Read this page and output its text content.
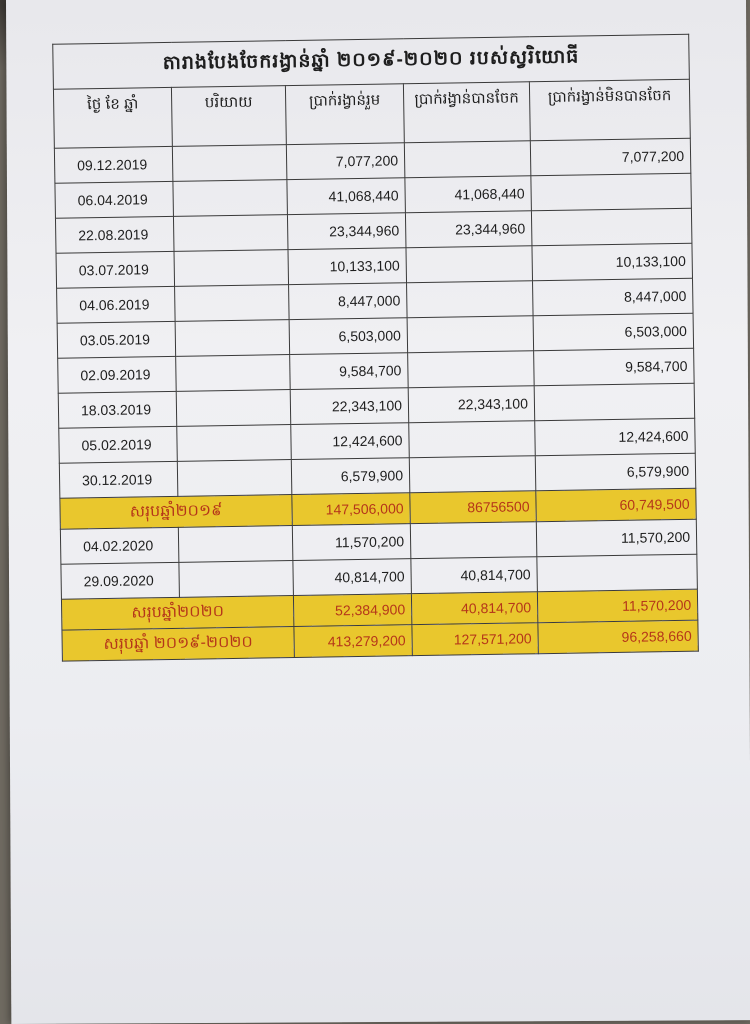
តារាងបែងចែករង្វាន់ឆ្នាំ ២០១៩-២០២០ របស់ស្វរិយោធី				
ថ្ងៃ ខែ ឆ្នាំ	បរិយាយ	ប្រាក់រង្វាន់រួម	ប្រាក់រង្វាន់បានចែក	ប្រាក់រង្វាន់មិនបានចែក
09.12.2019		7,077,200		7,077,200
06.04.2019		41,068,440	41,068,440	
22.08.2019		23,344,960	23,344,960	
03.07.2019		10,133,100		10,133,100
04.06.2019		8,447,000		8,447,000
03.05.2019		6,503,000		6,503,000
02.09.2019		9,584,700		9,584,700
18.03.2019		22,343,100	22,343,100	
05.02.2019		12,424,600		12,424,600
30.12.2019		6,579,900		6,579,900
សរុបឆ្នាំ២០១៩		147,506,000	86756500	60,749,500
04.02.2020		11,570,200		11,570,200
29.09.2020		40,814,700	40,814,700	
សរុបឆ្នាំ២០២០		52,384,900	40,814,700	11,570,200
សរុបឆ្នាំ ២០១៩-២០២០		413,279,200	127,571,200	96,258,660
